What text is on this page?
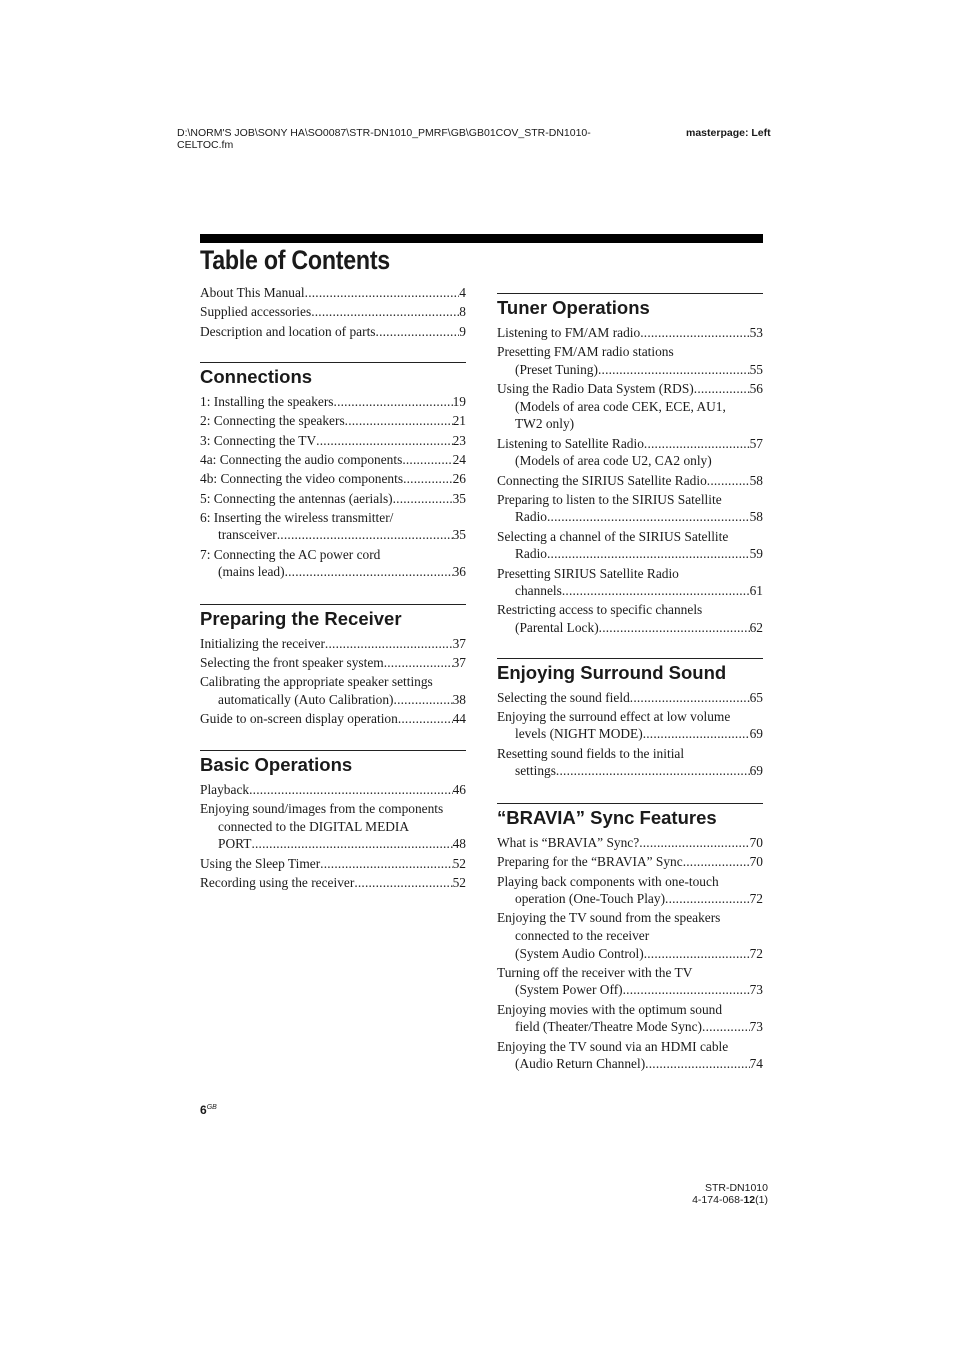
D:\NORM'S JOB\SONY HA\SO0087\STR-DN1010_PMRF\GB\GB01COV_STR-DN1010-
CELTOC.fm
masterpage: Left
Table of Contents
About This Manual .....	4
Supplied accessories .....	8
Description and location of parts .....	9
Connections
1: Installing the speakers .....	19
2: Connecting the speakers .....	21
3: Connecting the TV .....	23
4a: Connecting the audio components .....	24
4b: Connecting the video components .....	26
5: Connecting the antennas (aerials) .....	35
6: Inserting the wireless transmitter/
transceiver .....	35
7: Connecting the AC power cord
(mains lead) .....	36
Preparing the Receiver
Initializing the receiver .....	37
Selecting the front speaker system .....	37
Calibrating the appropriate speaker settings
automatically (Auto Calibration) .....	38
Guide to on-screen display operation .....	44
Basic Operations
Playback .....	46
Enjoying sound/images from the components
connected to the DIGITAL MEDIA
PORT .....	48
Using the Sleep Timer .....	52
Recording using the receiver .....	52
Tuner Operations
Listening to FM/AM radio .....	53
Presetting FM/AM radio stations
(Preset Tuning) .....	55
Using the Radio Data System (RDS) .....	56
(Models of area code CEK, ECE, AU1,
TW2 only)
Listening to Satellite Radio .....	57
(Models of area code U2, CA2 only)
Connecting the SIRIUS Satellite Radio .....	58
Preparing to listen to the SIRIUS Satellite
Radio .....	58
Selecting a channel of the SIRIUS Satellite
Radio .....	59
Presetting SIRIUS Satellite Radio
channels .....	61
Restricting access to specific channels
(Parental Lock) .....	62
Enjoying Surround Sound
Selecting the sound field .....	65
Enjoying the surround effect at low volume
levels (NIGHT MODE) .....	69
Resetting sound fields to the initial
settings .....	69
“BRAVIA” Sync Features
What is “BRAVIA” Sync? .....	70
Preparing for the “BRAVIA” Sync .....	70
Playing back components with one-touch
operation (One-Touch Play) .....	72
Enjoying the TV sound from the speakers
connected to the receiver
(System Audio Control) .....	72
Turning off the receiver with the TV
(System Power Off) .....	73
Enjoying movies with the optimum sound
field (Theater/Theatre Mode Sync) .....	73
Enjoying the TV sound via an HDMI cable
(Audio Return Channel) .....	74
$6^{GB}$
STR-DN1010
4-174-068-12(1)
